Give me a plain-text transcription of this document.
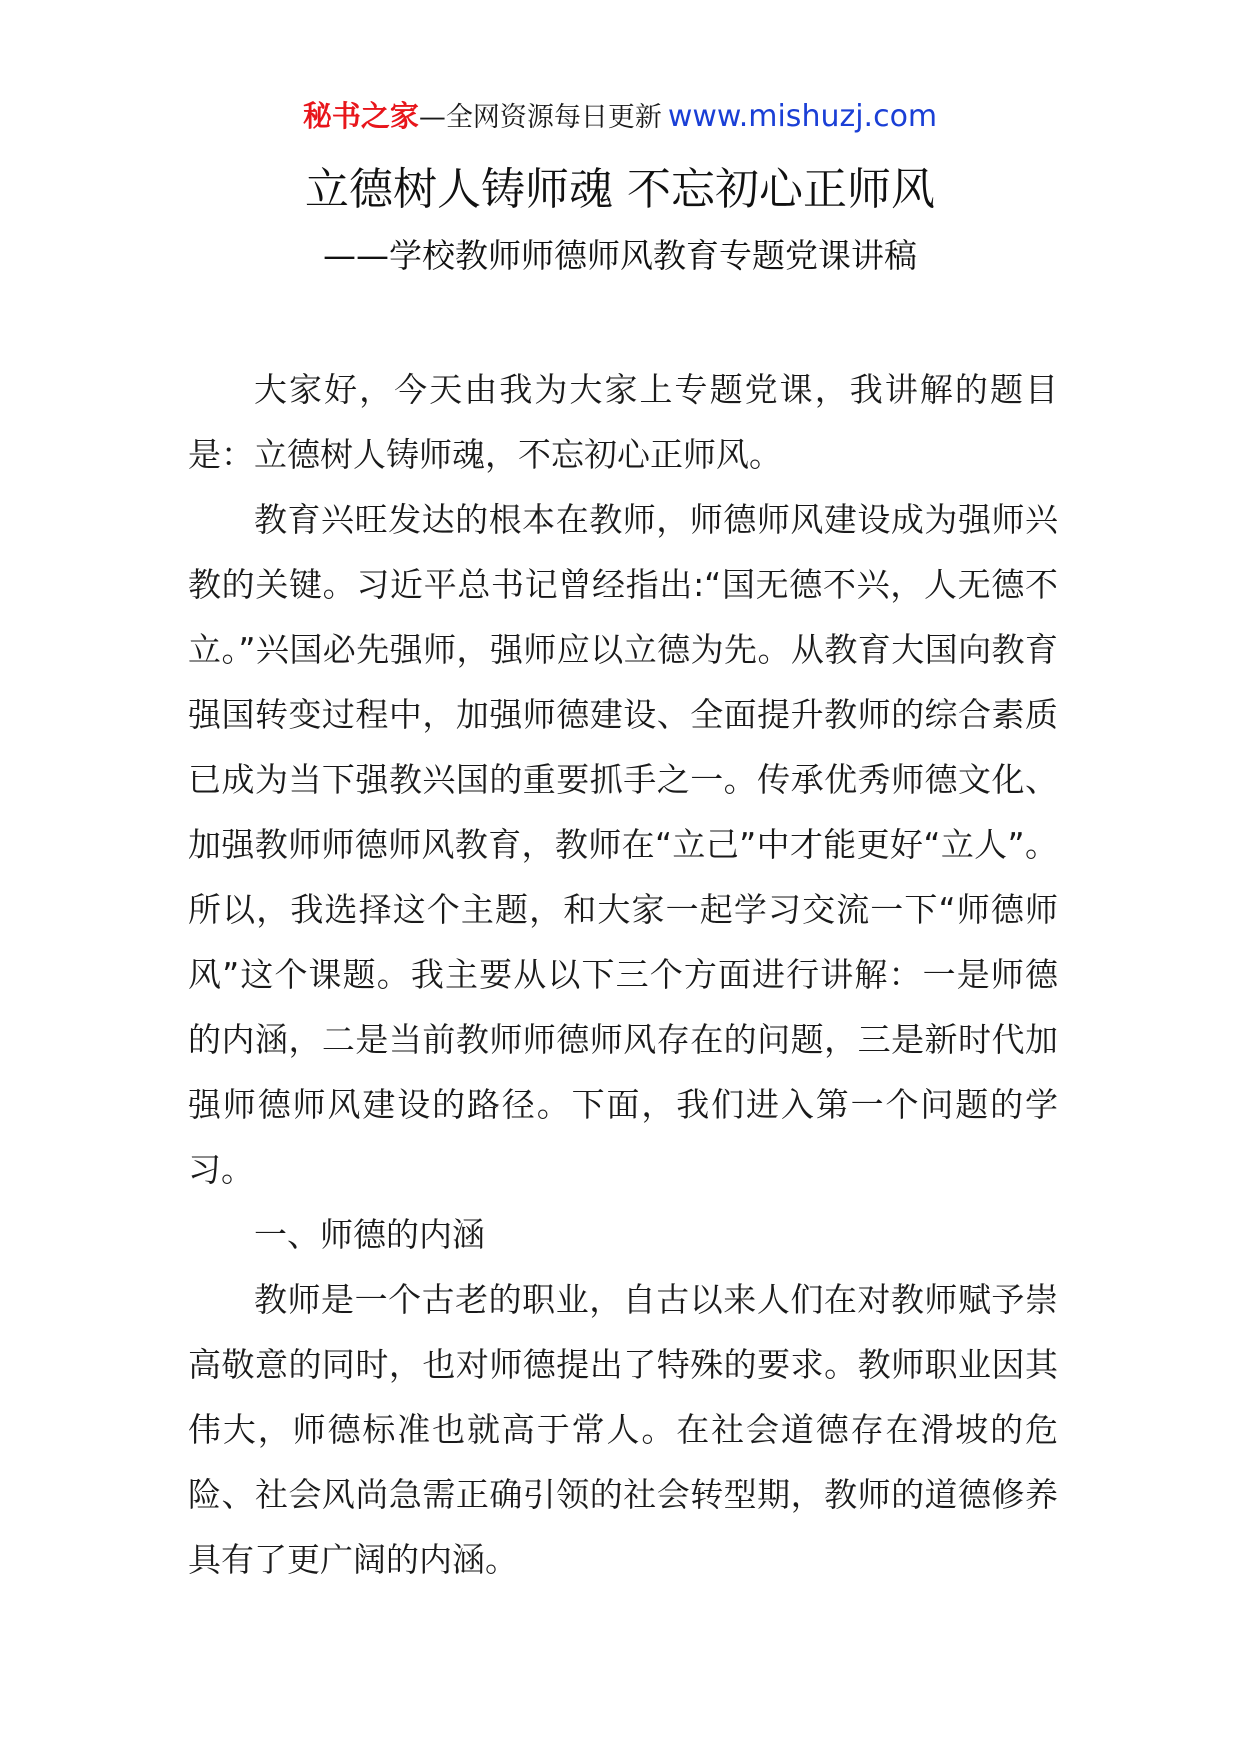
秘书之家—全网资源每日更新 www.mishuzj.com
立德树人铸师魂 不忘初心正师风
——学校教师师德师风教育专题党课讲稿

大家好，今天由我为大家上专题党课，我讲解的题目是：立德树人铸师魂，不忘初心正师风。

教育兴旺发达的根本在教师，师德师风建设成为强师兴教的关键。习近平总书记曾经指出:“国无德不兴，人无德不立。”兴国必先强师，强师应以立德为先。从教育大国向教育强国转变过程中，加强师德建设、全面提升教师的综合素质已成为当下强教兴国的重要抓手之一。传承优秀师德文化、加强教师师德师风教育，教师在“立己”中才能更好“立人”。所以，我选择这个主题，和大家一起学习交流一下“师德师风”这个课题。我主要从以下三个方面进行讲解：一是师德的内涵，二是当前教师师德师风存在的问题，三是新时代加强师德师风建设的路径。下面，我们进入第一个问题的学习。

一、师德的内涵

教师是一个古老的职业，自古以来人们在对教师赋予崇高敬意的同时，也对师德提出了特殊的要求。教师职业因其伟大，师德标准也就高于常人。在社会道德存在滑坡的危险、社会风尚急需正确引领的社会转型期，教师的道德修养具有了更广阔的内涵。
